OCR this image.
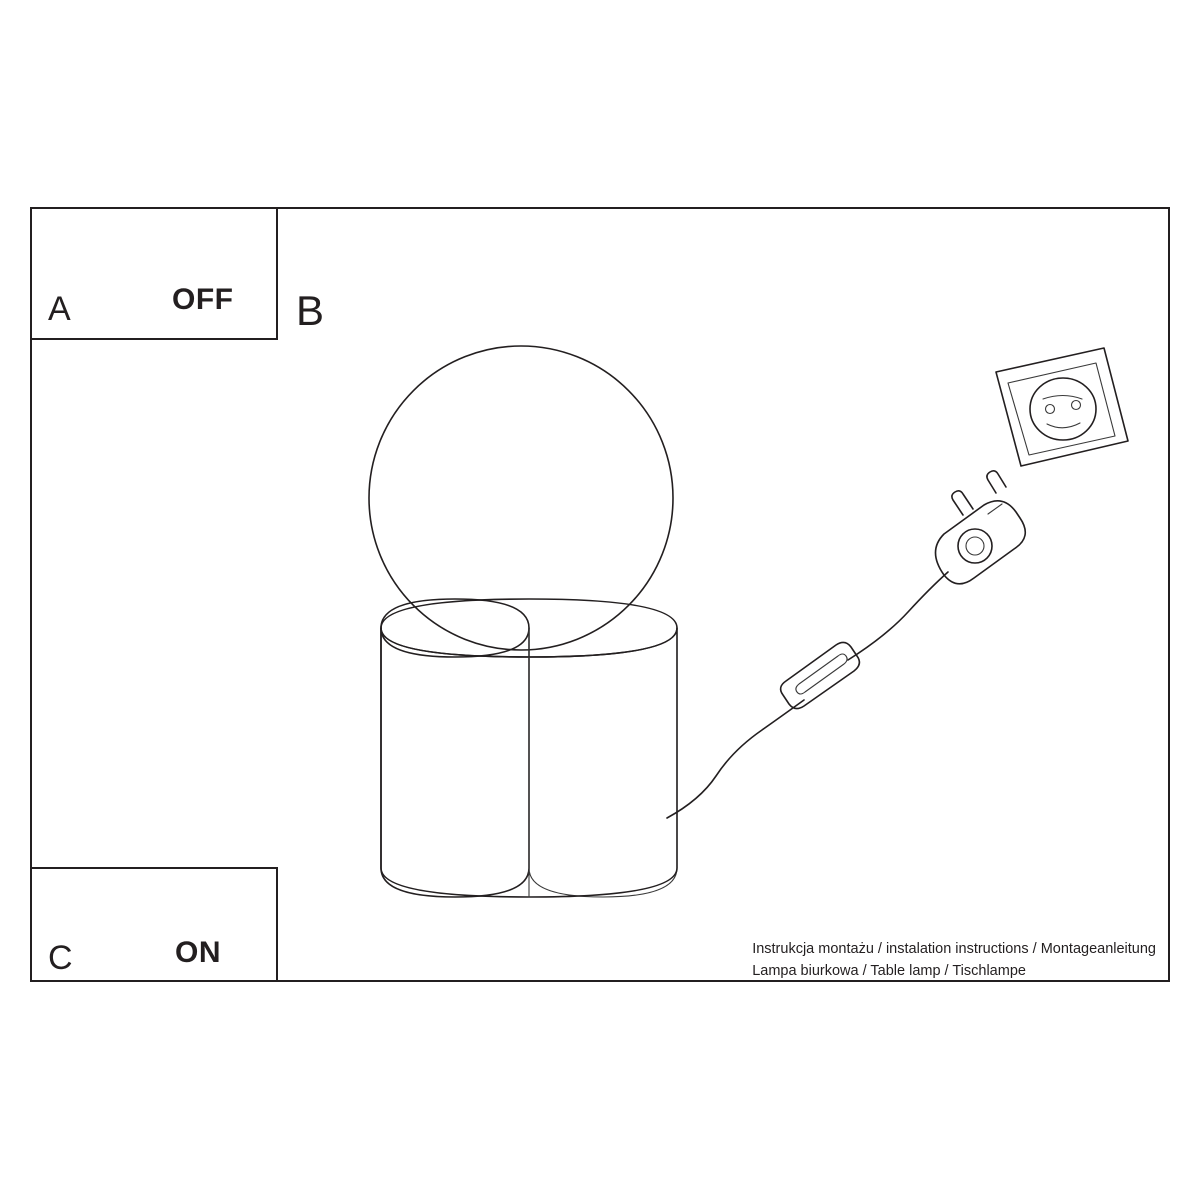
A	OFF B
C	ON	Instrukcja montażu / instalation instructions / Montageanleitung
Lampa biurkowa / Table lamp / Tischlampe
